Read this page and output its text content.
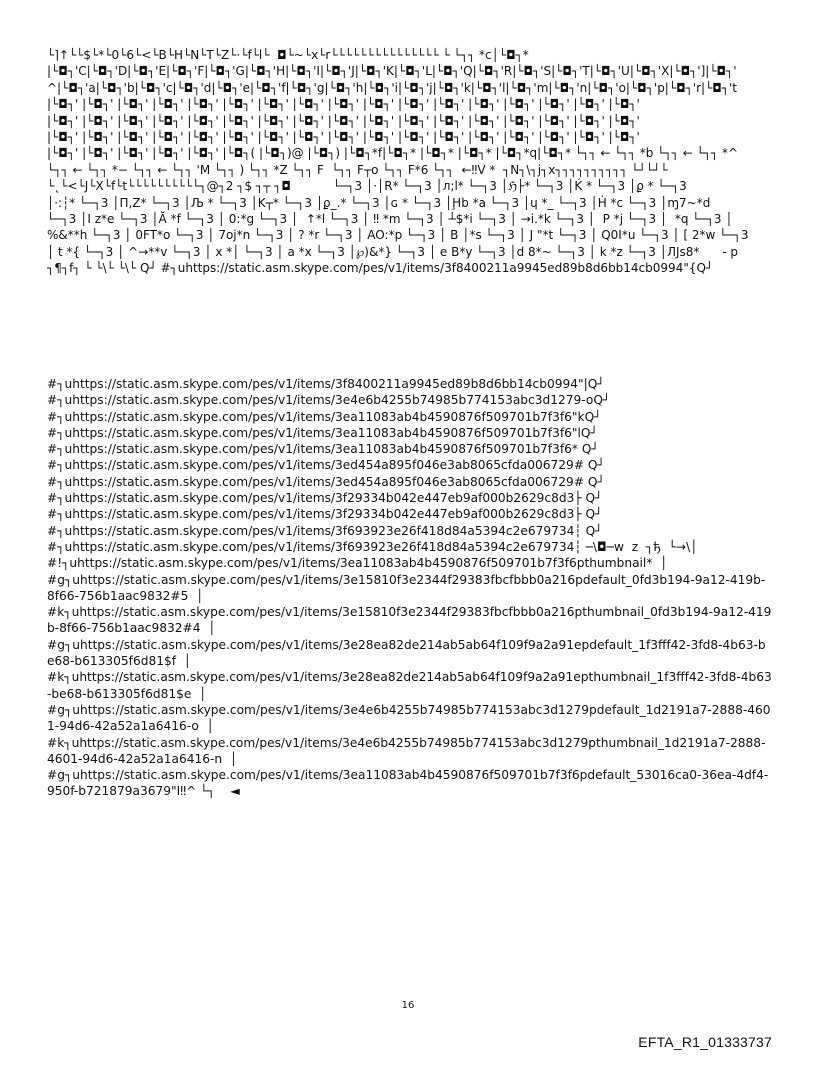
└⌉↑└└$└*└0└6└<└B└H└N└T└Z└·└f└l└  ◘└~└x└r└└└└└└└└└└└└└└└ └ └┐┐ *c│└◘┐*
|└◘┐'C|└◘┐'D|└◘┐'E|└◘┐'F|└◘┐'G|└◘┐'H|└◘┐'I|└◘┐'J|└◘┐'K|└◘┐'L|└◘┐'Q|└◘┐'R|└◘┐'S|└◘┐'T|└◘┐'U|└◘┐'X|└◘┐']|└◘┐'
^|└◘┐'a|└◘┐'b|└◘┐'c|└◘┐'d|└◘┐'e|└◘┐'f|└◘┐'g|└◘┐'h|└◘┐'i|└◘┐'j|└◘┐'k|└◘┐'l|└◘┐'m|└◘┐'n|└◘┐'o|└◘┐'p|└◘┐'r|└◘┐'t
|└◘┐' |└◘┐' |└◘┐' |└◘┐' |└◘┐' |└◘┐' |└◘┐' |└◘┐' |└◘┐' |└◘┐' |└◘┐' |└◘┐' |└◘┐' |└◘┐' |└◘┐' |└◘┐' |└◘┐'
|└◘┐' |└◘┐' |└◘┐' |└◘┐' |└◘┐' |└◘┐' |└◘┐' |└◘┐' |└◘┐' |└◘┐' |└◘┐' |└◘┐' |└◘┐' |└◘┐' |└◘┐' |└◘┐' |└◘┐'
|└◘┐' |└◘┐' |└◘┐' |└◘┐' |└◘┐' |└◘┐' |└◘┐' |└◘┐' |└◘┐' |└◘┐' |└◘┐' |└◘┐' |└◘┐' |└◘┐' |└◘┐' |└◘┐' |└◘┐'
|└◘┐' |└◘┐' |└◘┐' |└◘┐' |└◘┐' |└◘┐( |└◘┐)@ |└◘┐) |└◘┐*f|└◘┐* |└◘┐* |└◘┐* |└◘┐*q|└◘┐* └┐┐ ← └┐┐ *b └┐┐ ← └┐┐ *^
└┐┐ ← └┐┐ *− └┐┐ ← └┐┐ 'M └┐┐ ) └┐┐ *Z └┐┐ F  └┐┐ F┬o └┐┐ F*6 └┐┐  ←‼V *  ┐N┐\┐j┐x┐┐┐┐┐┐┐┐┐┐ └┘└┘└
└˛└<└J└X└f└t└└└└└└└└└└┐@┐2 ┐$ ┐┬ ┐◘           └─┐3 │·│R* └─┐3 │л;l* └─┐3 │ℌ├* └─┐3 │Ḱ * └─┐3 │ϼ * └─┐3
│·:┆* └─┐3 │Π,Z* └─┐3 │Љ * └─┐3 │K┬* └─┐3 │ϼ_.* └─┐3 │ɢ * └─┐3 │Ḩb *a └─┐3 │ɥ *_ └─┐3 │Ḣ *c └─┐3 │ɱ7~*d
└─┐3 │I z*e └─┐3 │Ă *f └─┐3 │ 0:*g └─┐3 │  ↑*l └─┐3 │ ‼ *m └─┐3 │ ┴$*i └─┐3 │ →i.*k └─┐3 │  P *j └─┐3 │  *q └─┐3 │
%&**h └─┐3 │ 0FT*o └─┐3 │ 7oj*n └─┐3 │ ? *r └─┐3 │ AO:*p └─┐3 │ B │*s └─┐3 │ J "*t └─┐3 │ Q0I*u └─┐3 │ [ 2*w └─┐3
│ t *{ └─┐3 │ ^→**v └─┐3 │ x *│ └─┐3 │ a *x └─┐3 │℘)&*} └─┐3 │ e B*y └─┐3 │d 8*~ └─┐3 │ k *z └─┐3 │ЛЈs8*      - p
┐¶┐f┐ └ └\└ └\└ Q┘ #┐uhttps://static.asm.skype.com/pes/v1/items/3f8400211a9945ed89b8d6bb14cb0994"{Q┘
#┐uhttps://static.asm.skype.com/pes/v1/items/3f8400211a9945ed89b8d6bb14cb0994"|Q┘
#┐uhttps://static.asm.skype.com/pes/v1/items/3e4e6b4255b74985b774153abc3d1279-oQ┘
#┐uhttps://static.asm.skype.com/pes/v1/items/3ea11083ab4b4590876f509701b7f3f6"kQ┘
#┐uhttps://static.asm.skype.com/pes/v1/items/3ea11083ab4b4590876f509701b7f3f6"lQ┘
#┐uhttps://static.asm.skype.com/pes/v1/items/3ea11083ab4b4590876f509701b7f3f6* Q┘
#┐uhttps://static.asm.skype.com/pes/v1/items/3ed454a895f046e3ab8065cfda006729# Q┘
#┐uhttps://static.asm.skype.com/pes/v1/items/3ed454a895f046e3ab8065cfda006729# Q┘
#┐uhttps://static.asm.skype.com/pes/v1/items/3f29334b042e447eb9af000b2629c8d3├ Q┘
#┐uhttps://static.asm.skype.com/pes/v1/items/3f29334b042e447eb9af000b2629c8d3├ Q┘
#┐uhttps://static.asm.skype.com/pes/v1/items/3f693923e26f418d84a5394c2e679734┆ Q┘
#┐uhttps://static.asm.skype.com/pes/v1/items/3f693923e26f418d84a5394c2e679734┆ ─\◘─w  z  ┐ђ  └→\│
#!┐uhttps://static.asm.skype.com/pes/v1/items/3ea11083ab4b4590876f509701b7f3f6pthumbnail*  │
#g┐uhttps://static.asm.skype.com/pes/v1/items/3e15810f3e2344f29383fbcfbbb0a216pdefault_0fd3b194-9a12-419b-8f66-756b1aac9832#5  │
#k┐uhttps://static.asm.skype.com/pes/v1/items/3e15810f3e2344f29383fbcfbbb0a216pthumbnail_0fd3b194-9a12-419b-8f66-756b1aac9832#4  │
#g┐uhttps://static.asm.skype.com/pes/v1/items/3e28ea82de214ab5ab64f109f9a2a91epdefault_1f3fff42-3fd8-4b63-be68-b613305f6d81$f  │
#k┐uhttps://static.asm.skype.com/pes/v1/items/3e28ea82de214ab5ab64f109f9a2a91epthumbnail_1f3fff42-3fd8-4b63-be68-b613305f6d81$e  │
#g┐uhttps://static.asm.skype.com/pes/v1/items/3e4e6b4255b74985b774153abc3d1279pdefault_1d2191a7-2888-4601-94d6-42a52a1a6416-o  │
#k┐uhttps://static.asm.skype.com/pes/v1/items/3e4e6b4255b74985b774153abc3d1279pthumbnail_1d2191a7-2888-4601-94d6-42a52a1a6416-n  │
#g┐uhttps://static.asm.skype.com/pes/v1/items/3ea11083ab4b4590876f509701b7f3f6pdefault_53016ca0-36ea-4df4-950f-b721879a3679"I‼^ └┐    ◄
16
EFTA_R1_01333737
